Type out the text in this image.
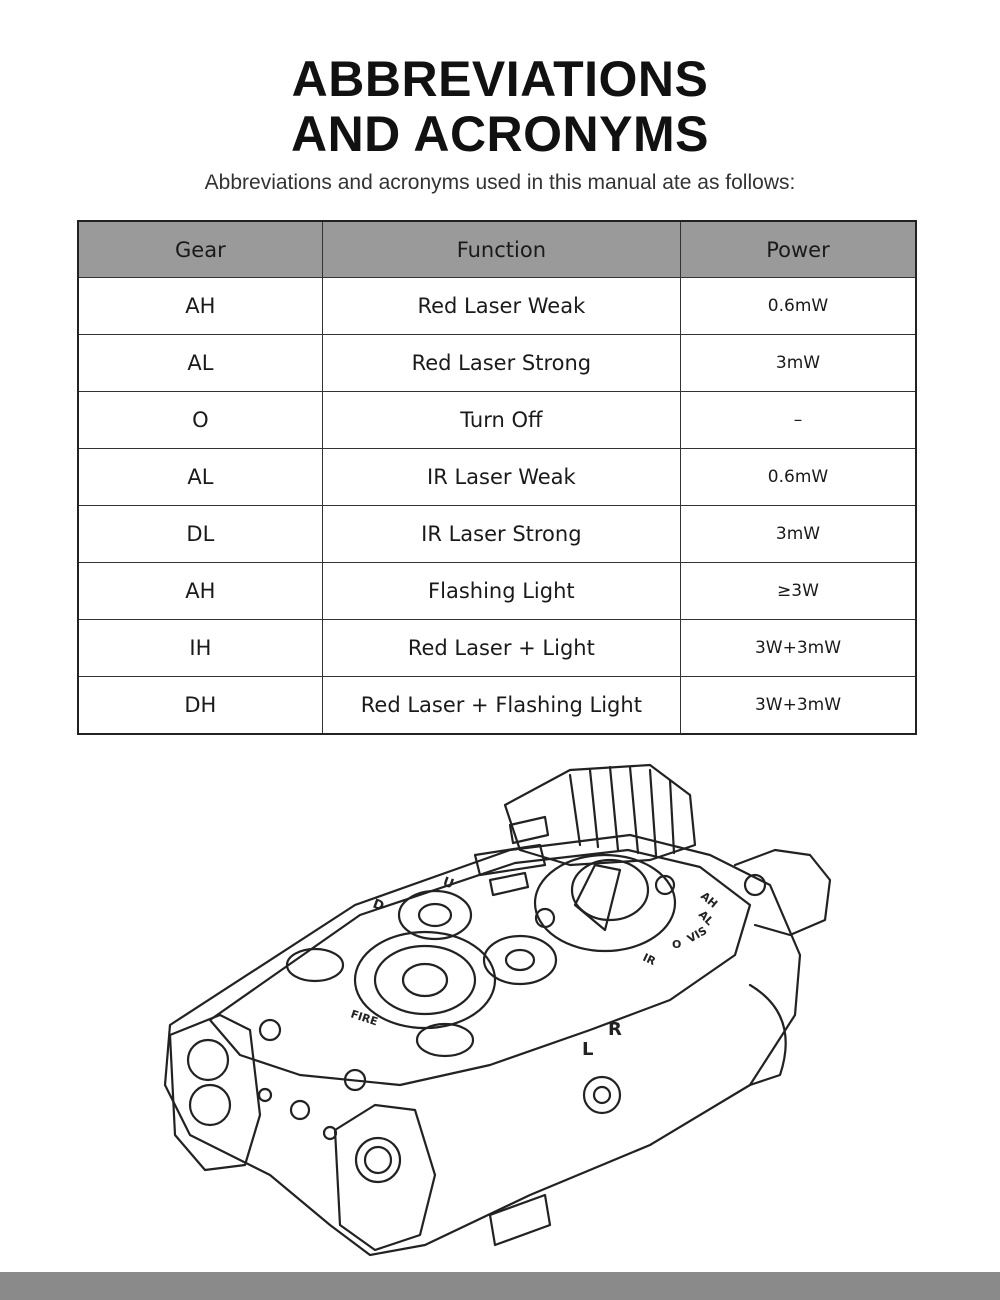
ABBREVIATIONS
AND ACRONYMS
Abbreviations and acronyms used in this manual ate as follows:
Gear	Function	Power
AH	Red Laser Weak	0.6mW
AL	Red Laser Strong	3mW
O	Turn Off	–
AL	IR Laser Weak	0.6mW
DL	IR Laser Strong	3mW
AH	Flashing Light	≥3W
IH	Red Laser + Light	3W+3mW
DH	Red Laser + Flashing Light	3W+3mW
FIRE
U
D
L
R
AH
AL
O
IR
VIS
